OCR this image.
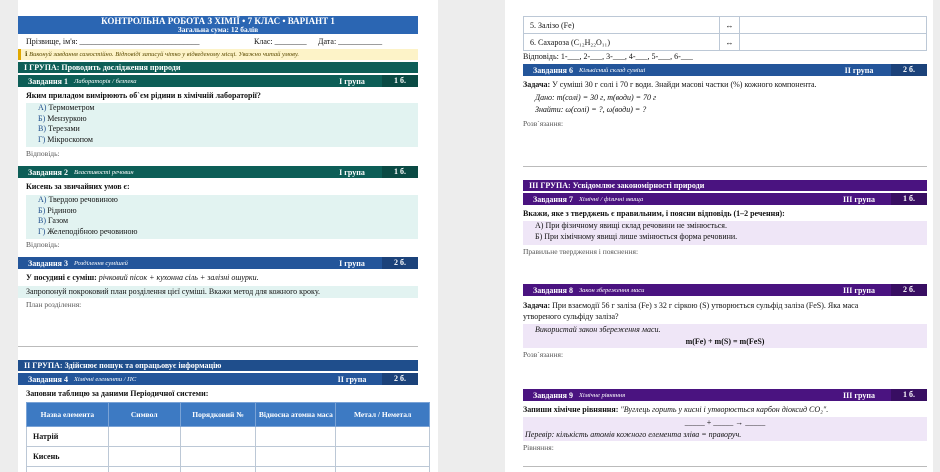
КОНТРОЛЬНА РОБОТА З ХІМІЇ • 7 КЛАС • ВАРІАНТ 1
Загальна сума: 12 балів
Прізвище, ім'я: ______________________________	Клас: ________ Дата: ___________
ℹ Виконуй завдання самостійно. Відповіді записуй чітко у відведеному місці. Уважно читай умову.
І ГРУПА: Проводить дослідження природи
Завдання 1 Лабораторія / безпека	І група	1 б.
Яким приладом вимірюють об`єм рідини в хімічній лабораторії?
А) Термометром
Б) Мензуркою
В) Терезами
Г) Мікроскопом
Відповідь:
Завдання 2 Властивості речовин	І група	1 б.
Кисень за звичайних умов є:
А) Твердою речовиною
Б) Рідиною
В) Газом
Г) Желеподібною речовиною
Відповідь:
Завдання 3 Розділення сумішей	І група	2 б.
У посудині є суміш: річковий пісок + кухонна сіль + залізні ошурки.
Запропонуй покроковий план розділення цієї суміші. Вкажи метод для кожного кроку.
План розділення:
ІІ ГРУПА: Здійснює пошук та опрацьовує інформацію
Завдання 4 Хімічні елементи / ПС	ІІ група	2 б.
Заповни таблицю за даними Періодичної системи:
Назва елемента	Символ	Порядковий №	Відносна атомна маса	Метал / Неметал
Натрій				
Кисень				

5. Залізо (Fe)	↔	
6. Сахароза (C₁₂H₂₂O₁₁)	↔	
Відповідь: 1-___, 2-___, 3-___, 4-___, 5-___, 6-___
Завдання 6 Кількісний склад суміші	ІІ група	2 б.
Задача: У суміші 30 г солі і 70 г води. Знайди масові частки (%) кожного компонента.
Дано: m(солі) = 30 г, m(води) = 70 г
Знайти: ω(солі) = ?, ω(води) = ?
Розв`язання:
ІІІ ГРУПА: Усвідомлює закономірності природи
Завдання 7 Хімічні / фізичні явища	ІІІ група	1 б.
Вкажи, яке з тверджень є правильним, і поясни відповідь (1–2 речення):
А) При фізичному явищі склад речовини не змінюється.
Б) При хімічному явищі лише змінюється форма речовини.
Правильне твердження і пояснення:
Завдання 8 Закон збереження маси	ІІІ група	2 б.
Задача: При взаємодії 56 г заліза (Fe) з 32 г сіркою (S) утворюється сульфід заліза (FeS). Яка маса
утвореного сульфіду заліза?
Використай закон збереження маси.
m(Fe) + m(S) = m(FeS)
Розв`язання:
Завдання 9 Хімічне рівняння	ІІІ група	1 б.
Запиши хімічне рівняння: "Вуглець горить у кисні і утворюється карбон діоксид CO₂".
_____ + _____ → _____
Перевір: кількість атомів кожного елемента зліва = праворуч.
Рівняння:
